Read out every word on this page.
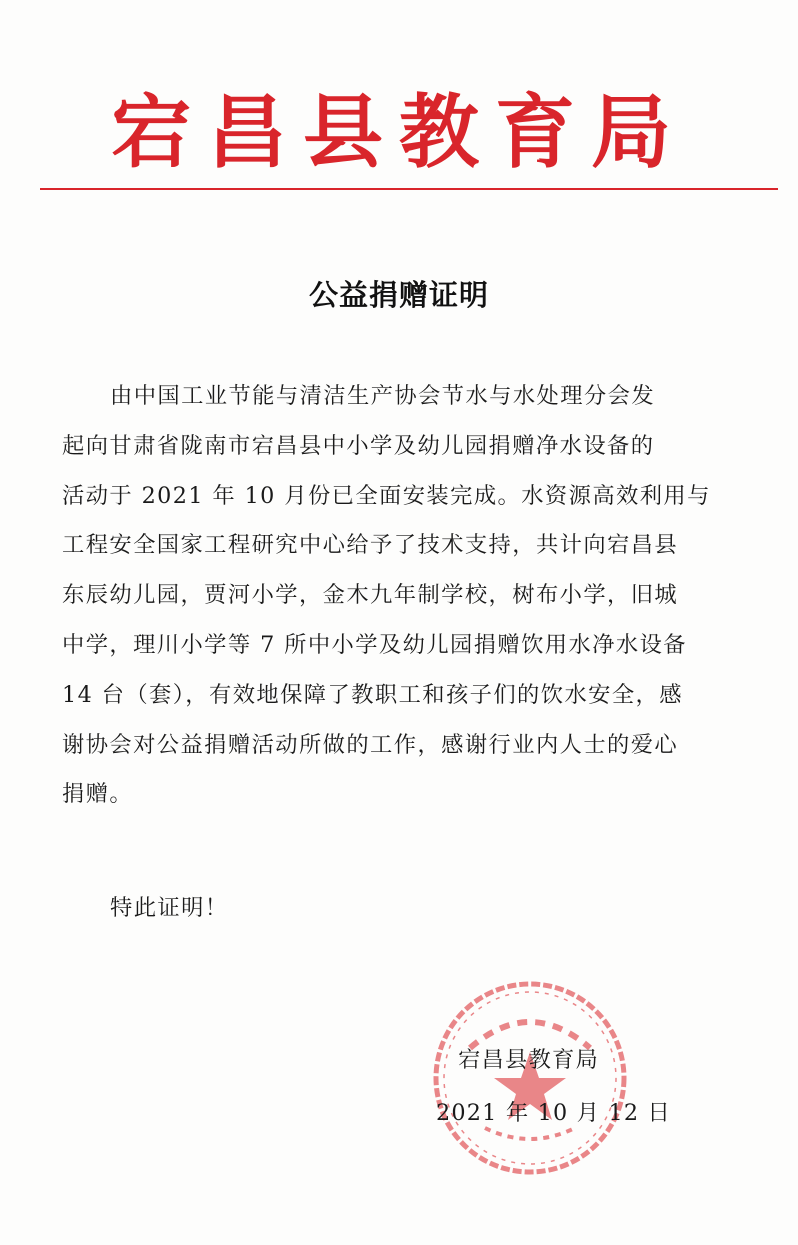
宕昌县教育局
公益捐赠证明
由中国工业节能与清洁生产协会节水与水处理分会发
起向甘肃省陇南市宕昌县中小学及幼儿园捐赠净水设备的
活动于 2021 年 10 月份已全面安装完成。水资源高效利用与
工程安全国家工程研究中心给予了技术支持，共计向宕昌县
东辰幼儿园，贾河小学，金木九年制学校，树布小学，旧城
中学，理川小学等 7 所中小学及幼儿园捐赠饮用水净水设备
14 台（套），有效地保障了教职工和孩子们的饮水安全，感
谢协会对公益捐赠活动所做的工作，感谢行业内人士的爱心
捐赠。
特此证明！
宕昌县教育局
2021 年 10 月 12 日
